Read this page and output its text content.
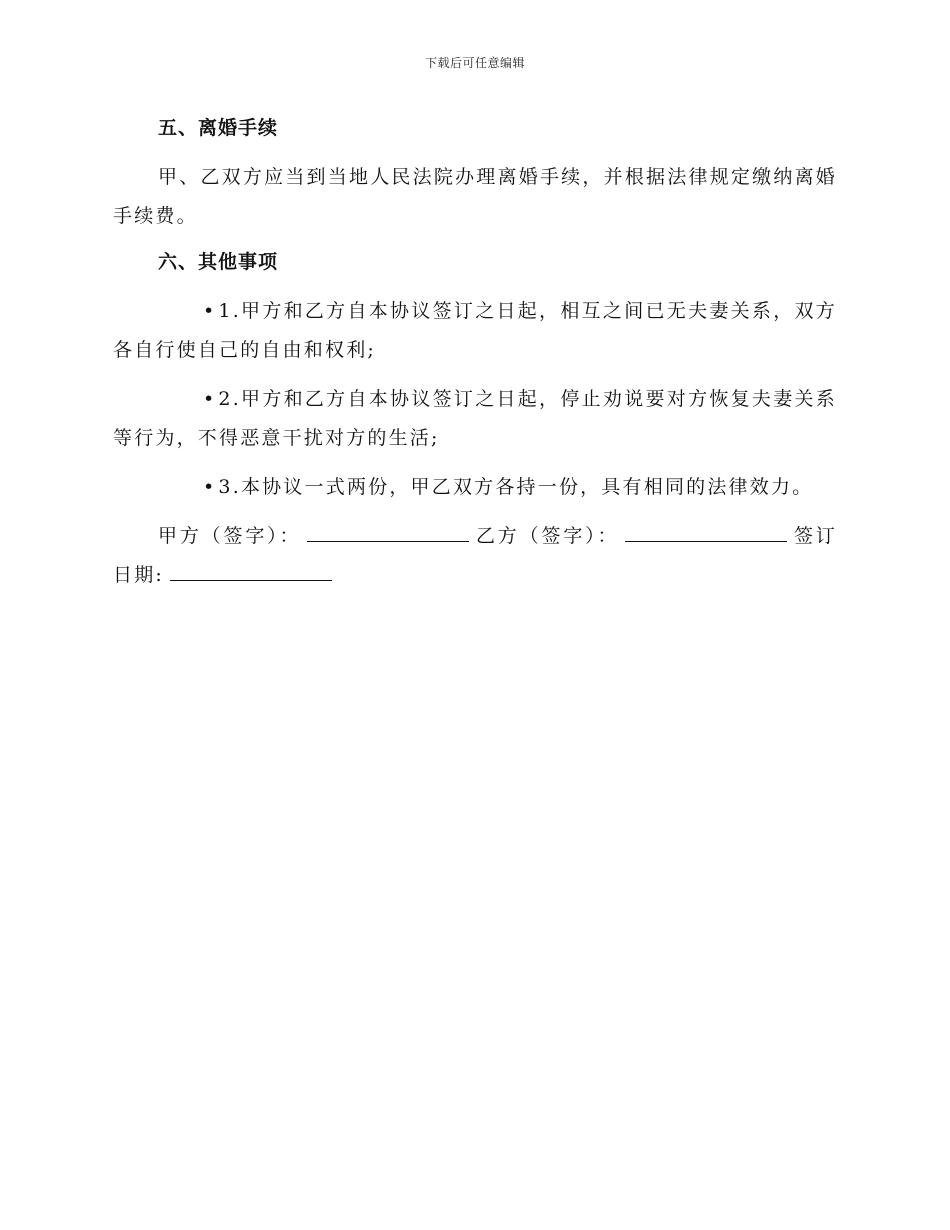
下载后可任意编辑
五、离婚手续

甲、乙双方应当到当地人民法院办理离婚手续，并根据法律规定缴纳离婚手续费。

六、其他事项

• 1.甲方和乙方自本协议签订之日起，相互之间已无夫妻关系，双方各自行使自己的自由和权利;

• 2.甲方和乙方自本协议签订之日起，停止劝说要对方恢复夫妻关系等行为，不得恶意干扰对方的生活;

• 3.本协议一式两份，甲乙双方各持一份，具有相同的法律效力。

甲方（签字）：	乙方（签字）：	签订日期:
